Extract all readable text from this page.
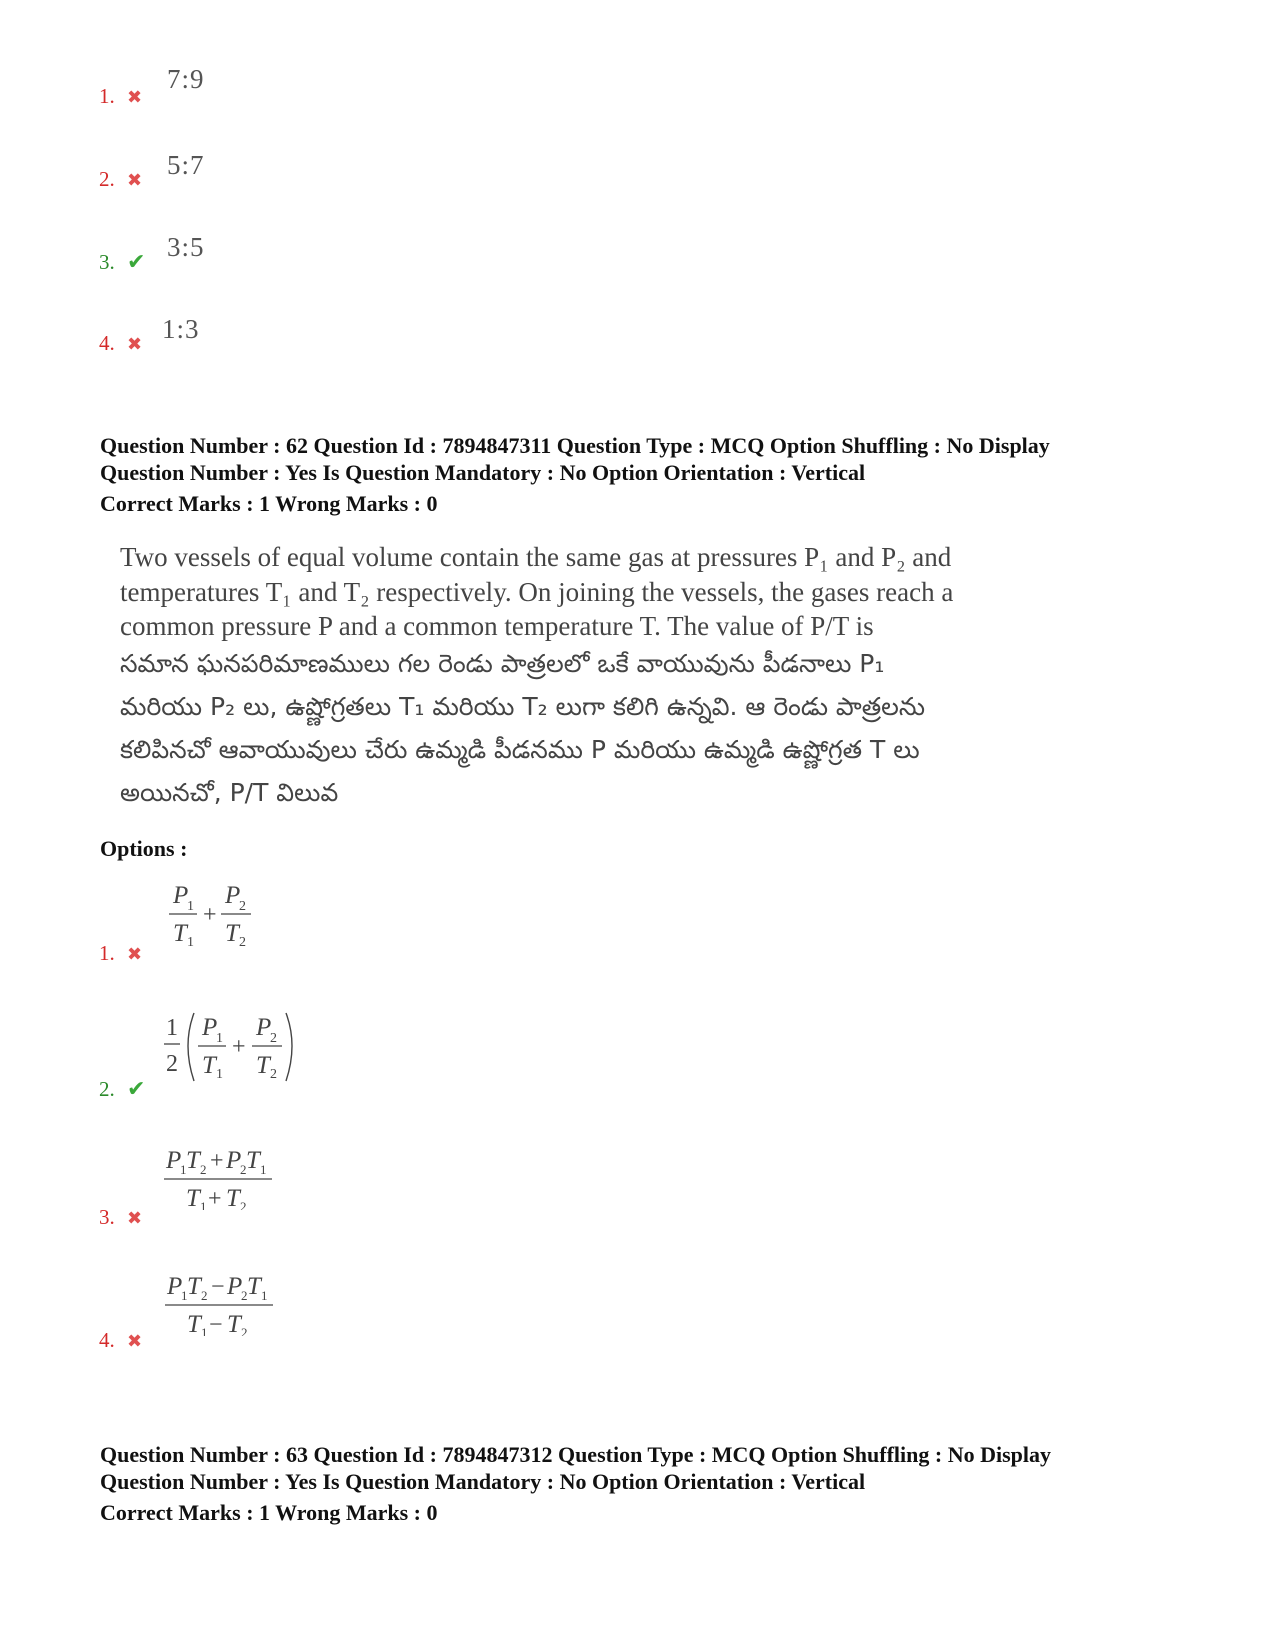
1. ✖
7:9
2. ✖ 5:7
3. ✔ 3:5
4. ✖ 1:3
Question Number : 62 Question Id : 7894847311 Question Type : MCQ Option Shuffling : No Display
Question Number : Yes Is Question Mandatory : No Option Orientation : Vertical
Correct Marks : 1 Wrong Marks : 0
Two vessels of equal volume contain the same gas at pressures P₁ and P₂ and
temperatures T₁ and T₂ respectively. On joining the vessels, the gases reach a
common pressure P and a common temperature T. The value of P/T is
సమాన ఘనపరిమాణములు గల రెండు పాత్రలలో ఒకే వాయువును పీడనాలు P₁
మరియు P₂ లు, ఉష్ణోగ్రతలు T₁ మరియు T₂ లుగా కలిగి ఉన్నవి. ఆ రెండు పాత్రలను
కలిపినచో ఆవాయువులు చేరు ఉమ్మడి పీడనము P మరియు ఉమ్మడి ఉష్ణోగ్రత T లు
అయినచో, P/T విలువ
Options :
1. ✖
P
1
T 1
+
P
2
T 2
2. ✔
1
2
P
1
T 1
+
P
2
T 2
3. ✖
P
1 T 2 + P
2 T 1
T 1 + T 2
4. ✖
P
1 T 2 − P
2 T 1
T 1 − T 2
Question Number : 63 Question Id : 7894847312 Question Type : MCQ Option Shuffling : No Display
Question Number : Yes Is Question Mandatory : No Option Orientation : Vertical
Correct Marks : 1 Wrong Marks : 0
